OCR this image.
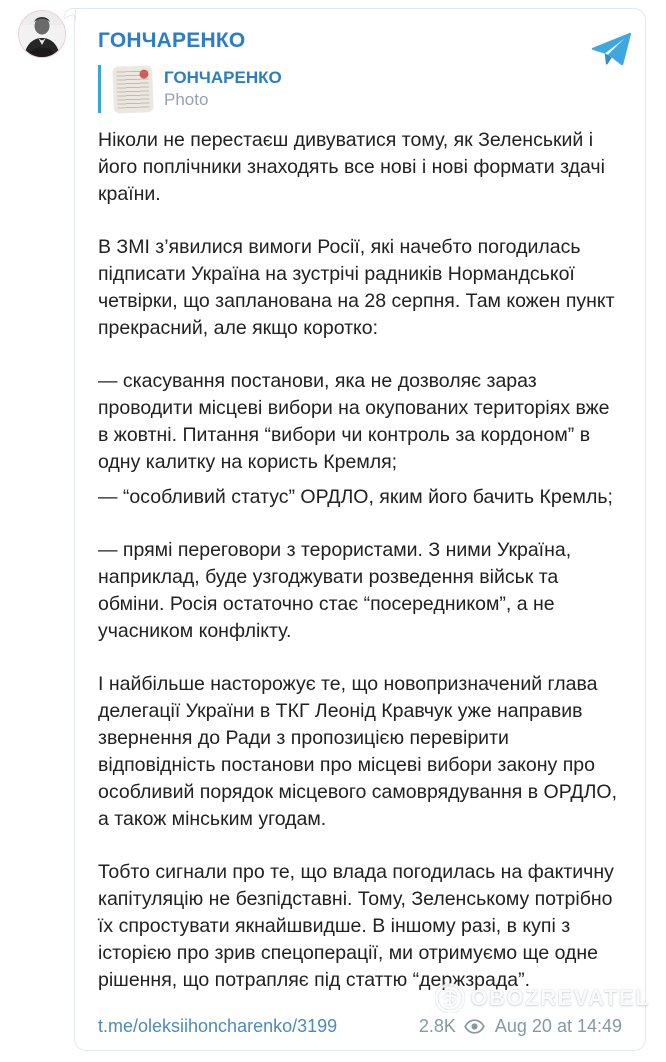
ГОНЧАРЕНКО
ГОНЧАРЕНКО
Photo

Ніколи не перестаєш дивуватися тому, як Зеленський і його поплічники знаходять все нові і нові формати здачі країни.

В ЗМІ з’явилися вимоги Росії, які начебто погодилась підписати Україна на зустрічі радників Нормандської четвірки, що запланована на 28 серпня. Там кожен пункт прекрасний, але якщо коротко:

— скасування постанови, яка не дозволяє зараз проводити місцеві вибори на окупованих територіях вже в жовтні. Питання “вибори чи контроль за кордоном” в одну калитку на користь Кремля;

— “особливий статус” ОРДЛО, яким його бачить Кремль;

— прямі переговори з терористами. З ними Україна, наприклад, буде узгоджувати розведення військ та обміни. Росія остаточно стає “посередником”, а не учасником конфлікту.

І найбільше насторожує те, що новопризначений глава делегації України в ТКГ Леонід Кравчук уже направив звернення до Ради з пропозицією перевірити відповідність постанови про місцеві вибори закону про особливий порядок місцевого самоврядування в ОРДЛО, а також мінським угодам.

Тобто сигнали про те, що влада погодилась на фактичну капітуляцію не безпідставні. Тому, Зеленському потрібно їх спростувати якнайшвидше. В іншому разі, в купі з історією про зрив спецоперації, ми отримуємо ще одне рішення, що потрапляє під статтю “держзрада”.

t.me/oleksiihoncharenko/3199	2.8K Aug 20 at 14:49
OBOZREVATEL
